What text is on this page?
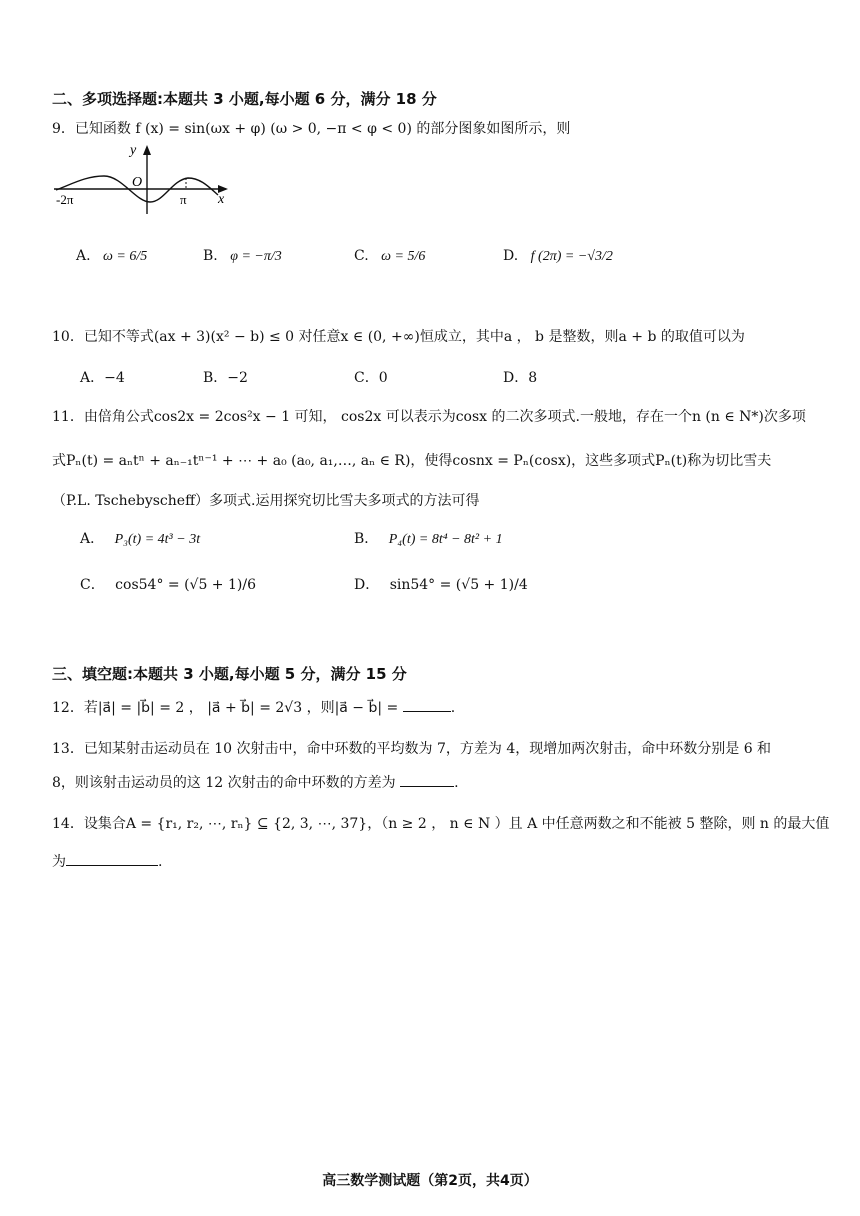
二、多项选择题:本题共 3 小题,每小题 6 分，满分 18 分
9．已知函数 f (x) = sin(ωx + φ) (ω > 0, −π < φ < 0) 的部分图象如图所示，则
y
O
x
-2π	π
A. ω = 6/5	B. φ = −π/3	C. ω = 5/6	D. f (2π) = −√3/2
10．已知不等式(ax + 3)(x² − b) ≤ 0 对任意x ∈ (0, +∞)恒成立，其中a ， b 是整数，则a + b 的取值可以为
A．−4	B．−2	C．0	D．8
11．由倍角公式cos2x = 2cos²x − 1 可知， cos2x 可以表示为cosx 的二次多项式.一般地，存在一个n (n ∈ N*)次多项
式Pₙ(t) = aₙtⁿ + aₙ₋₁tⁿ⁻¹ + ⋯ + a₀ (a₀, a₁,…, aₙ ∈ R)，使得cosnx = Pₙ(cosx)，这些多项式Pₙ(t)称为切比雪夫
（P.L. Tschebyscheff）多项式.运用探究切比雪夫多项式的方法可得
A． P₃(t) = 4t³ − 3t	B． P₄(t) = 8t⁴ − 8t² + 1
C． cos54° = (√5 + 1)/6	D． sin54° = (√5 + 1)/4
三、填空题:本题共 3 小题,每小题 5 分，满分 15 分
12．若|a⃗| = |b⃗| = 2 ， |a⃗ + b⃗| = 2√3 ，则|a⃗ − b⃗| =	.
13．已知某射击运动员在 10 次射击中，命中环数的平均数为 7，方差为 4，现增加两次射击，命中环数分别是 6 和
8，则该射击运动员的这 12 次射击的命中环数的方差为	.
14．设集合A = {r₁, r₂, ⋯, rₙ} ⊆ {2, 3, ⋯, 37}，（n ≥ 2 ， n ∈ N ）且 A 中任意两数之和不能被 5 整除，则 n 的最大值
为	.
高三数学测试题（第2页，共4页）
